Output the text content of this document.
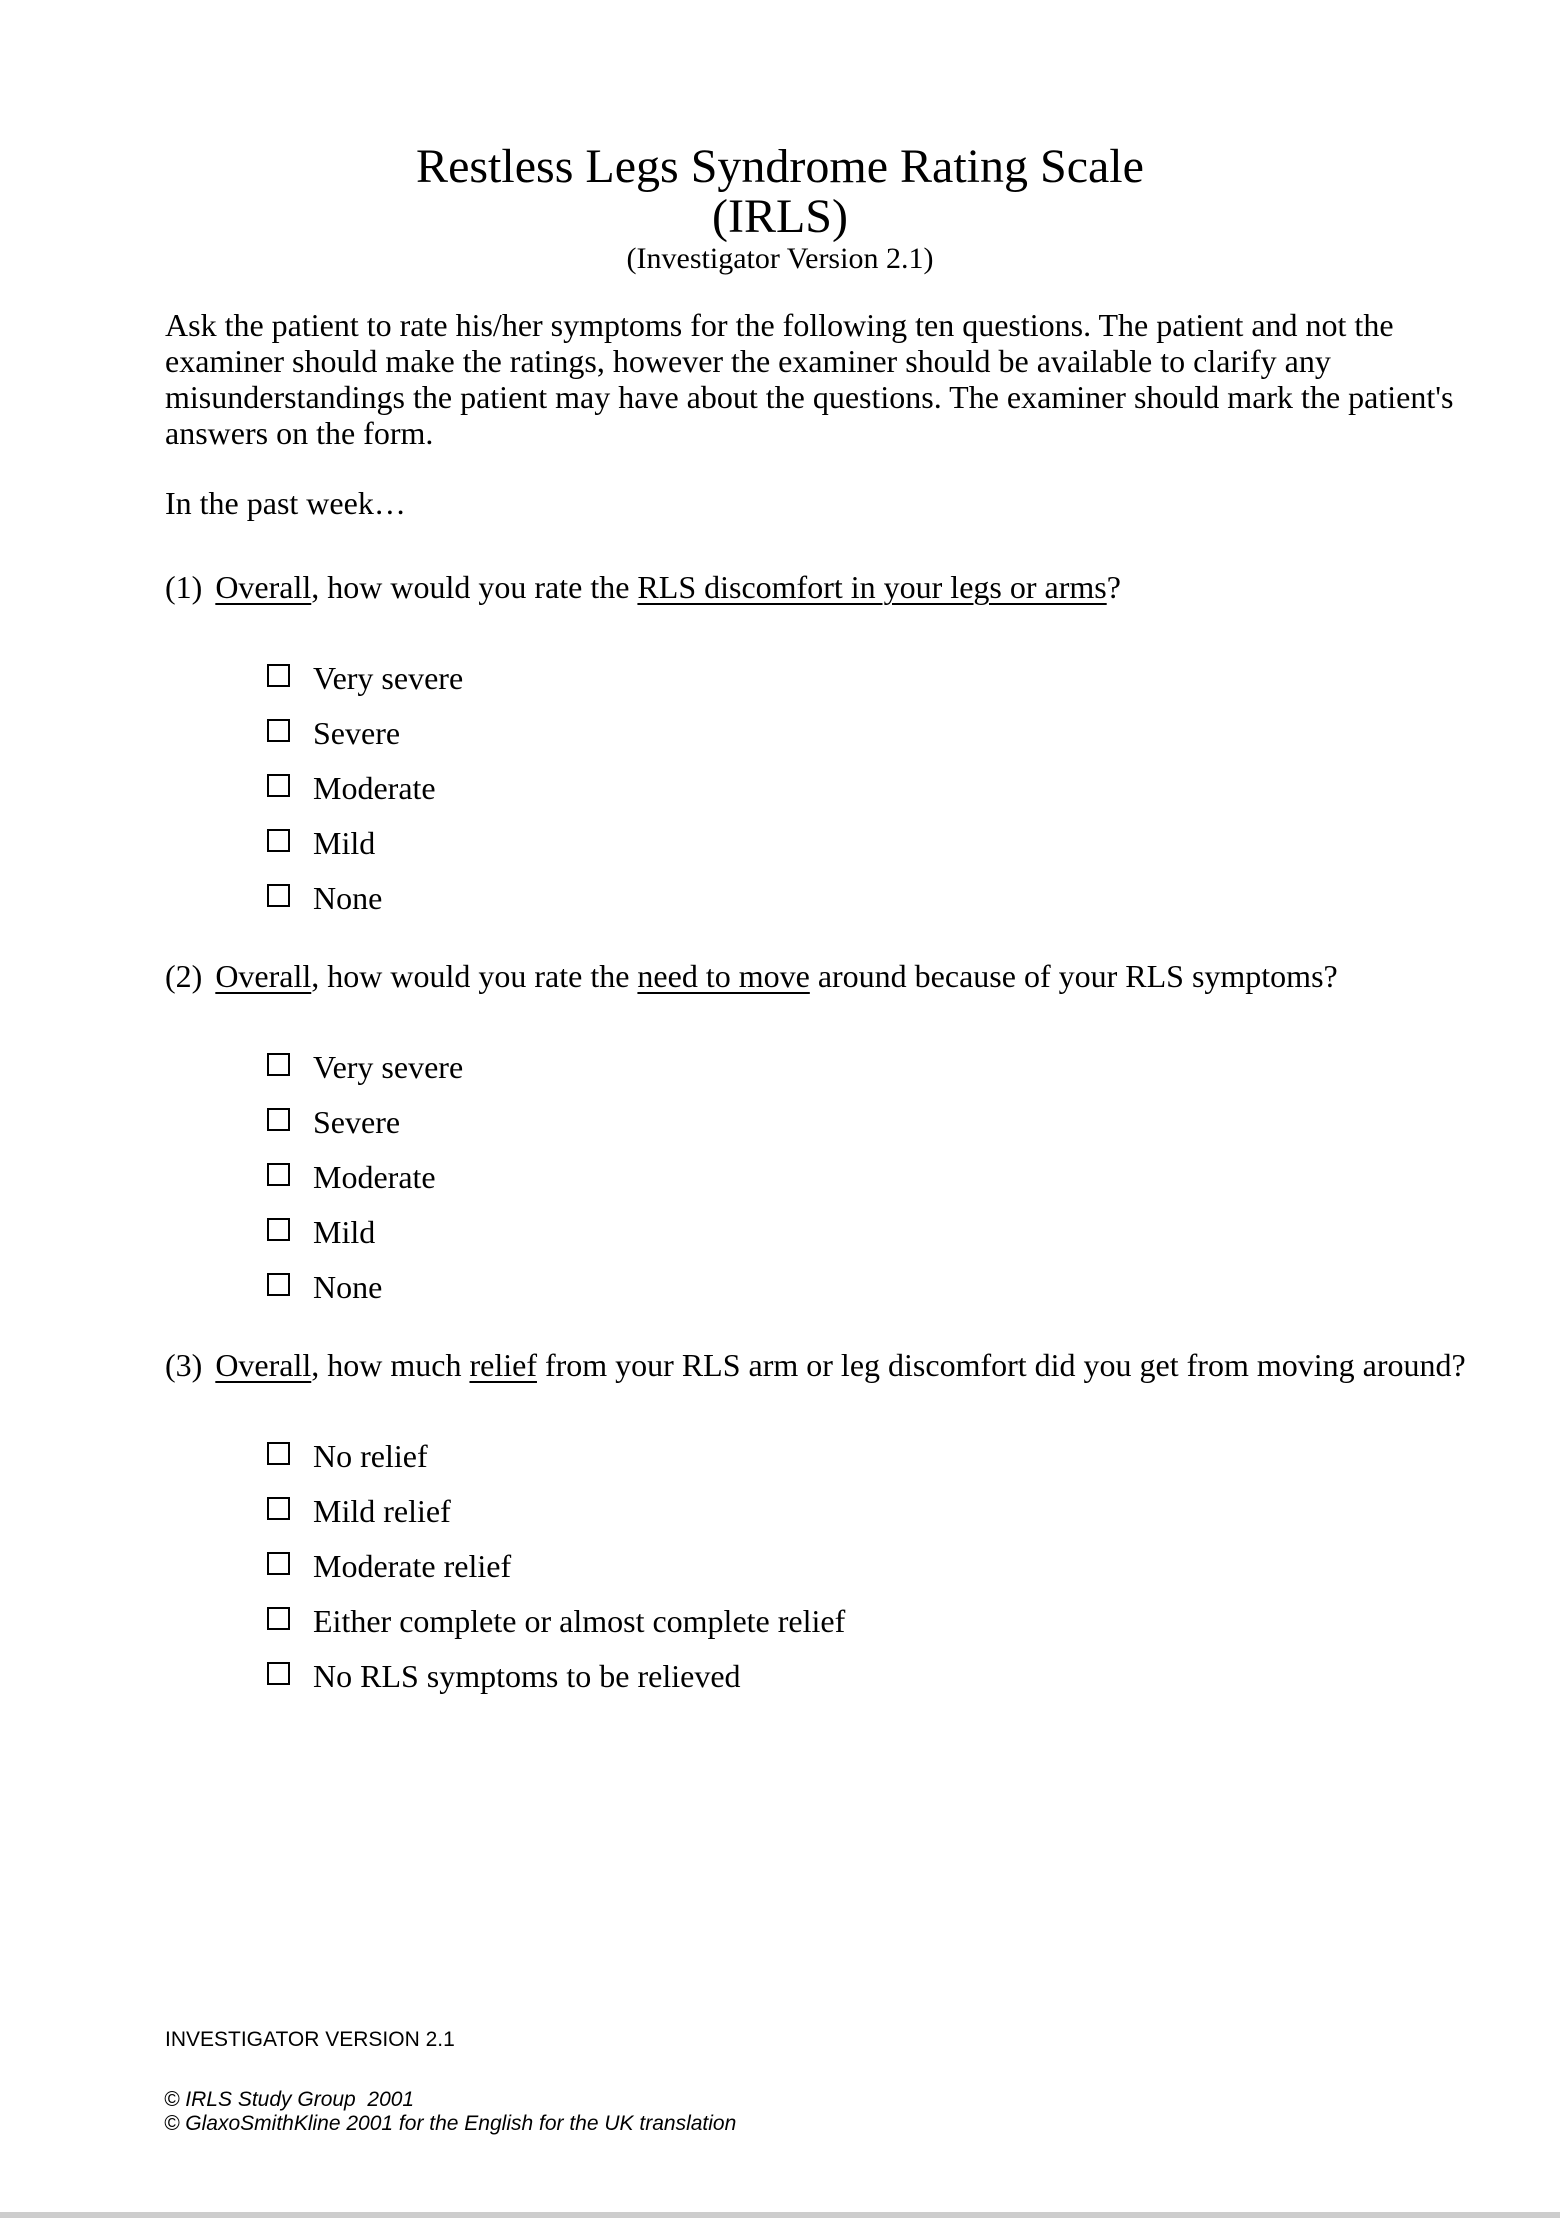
Restless Legs Syndrome Rating Scale
(IRLS)

(Investigator Version 2.1)

Ask the patient to rate his/her symptoms for the following ten questions. The patient and not the examiner should make the ratings, however the examiner should be available to clarify any misunderstandings the patient may have about the questions. The examiner should mark the patient's answers on the form.

In the past week…

(1) Overall, how would you rate the RLS discomfort in your legs or arms?

Very severe
Severe
Moderate
Mild
None

(2) Overall, how would you rate the need to move around because of your RLS symptoms?

Very severe
Severe
Moderate
Mild
None

(3) Overall, how much relief from your RLS arm or leg discomfort did you get from moving around?

No relief
Mild relief
Moderate relief
Either complete or almost complete relief
No RLS symptoms to be relieved
INVESTIGATOR VERSION 2.1
© IRLS Study Group  2001
© GlaxoSmithKline 2001 for the English for the UK translation
